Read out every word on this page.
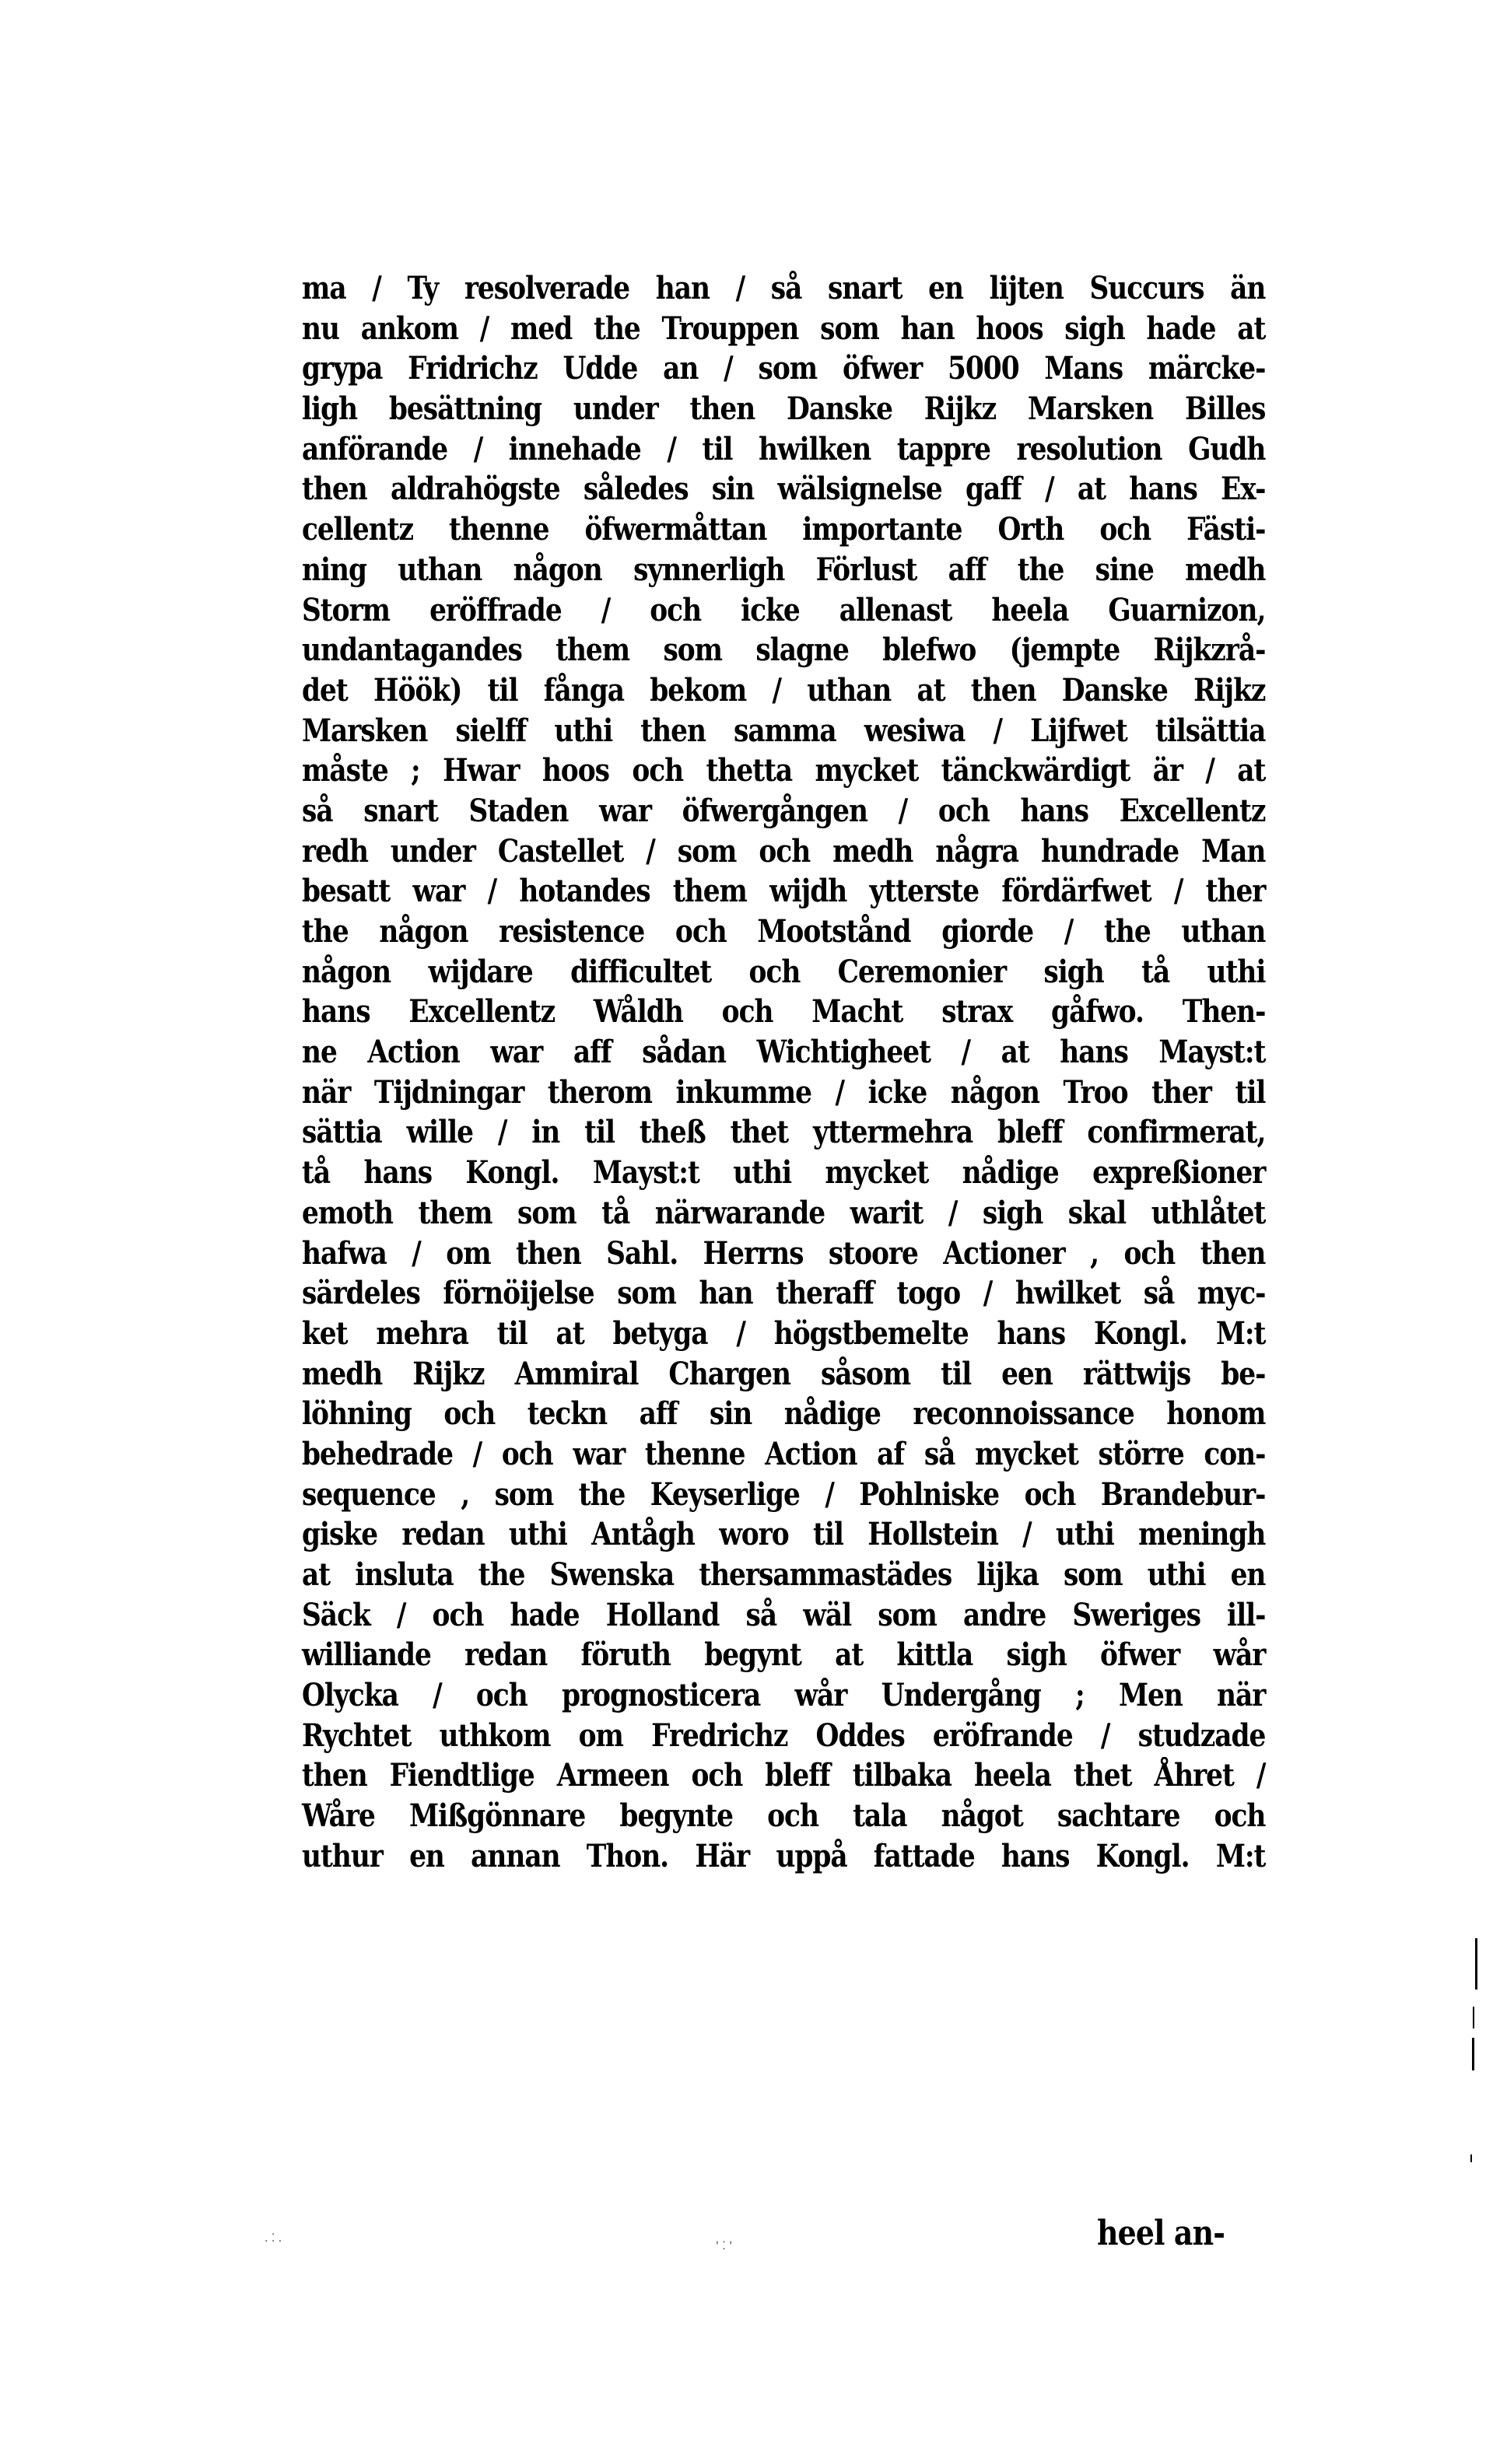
ma / Ty resolverade han / så snart en lijten Succurs än
nu ankom / med the Trouppen som han hoos sigh hade at
grypa Fridrichz Udde an / som öfwer 5000 Mans märcke-
ligh besättning under then Danske Rijkz Marsken Billes
anförande / innehade / til hwilken tappre resolution Gudh
then aldrahögste således sin wälsignelse gaff / at hans Ex-
cellentz thenne öfwermåttan importante Orth och Fästi-
ning uthan någon synnerligh Förlust aff the sine medh
Storm eröffrade / och icke allenast heela Guarnizon,
undantagandes them som slagne blefwo (jempte Rijkzrå-
det Höök) til fånga bekom / uthan at then Danske Rijkz
Marsken sielff uthi then samma wesiwa / Lijfwet tilsättia
måste ; Hwar hoos och thetta mycket tänckwärdigt är / at
så snart Staden war öfwergången / och hans Excellentz
redh under Castellet / som och medh några hundrade Man
besatt war / hotandes them wijdh ytterste fördärfwet / ther
the någon resistence och Mootstånd giorde / the uthan
någon wijdare difficultet och Ceremonier sigh tå uthi
hans Excellentz Wåldh och Macht strax gåfwo. Then-
ne Action war aff sådan Wichtigheet / at hans Mayst:t
när Tijdningar therom inkumme / icke någon Troo ther til
sättia wille / in til theß thet yttermehra bleff confirmerat,
tå hans Kongl. Mayst:t uthi mycket nådige expreßioner
emoth them som tå närwarande warit / sigh skal uthlåtet
hafwa / om then Sahl. Herrns stoore Actioner , och then
särdeles förnöijelse som han theraff togo / hwilket så myc-
ket mehra til at betyga / högstbemelte hans Kongl. M:t
medh Rijkz Ammiral Chargen såsom til een rättwijs be-
löhning och teckn aff sin nådige reconnoissance honom
behedrade / och war thenne Action af så mycket större con-
sequence , som the Keyserlige / Pohlniske och Brandebur-
giske redan uthi Antågh woro til Hollstein / uthi meningh
at insluta the Swenska thersammastädes lijka som uthi en
Säck / och hade Holland så wäl som andre Sweriges ill-
williande redan föruth begynt at kittla sigh öfwer wår
Olycka / och prognosticera wår Undergång ; Men när
Rychtet uthkom om Fredrichz Oddes eröfrande / studzade
then Fiendtlige Armeen och bleff tilbaka heela thet Åhret /
Wåre Mißgönnare begynte och tala något sachtare och
uthur en annan Thon. Här uppå fattade hans Kongl. M:t
heel an-
. ⁚ .
' ⁚ '
